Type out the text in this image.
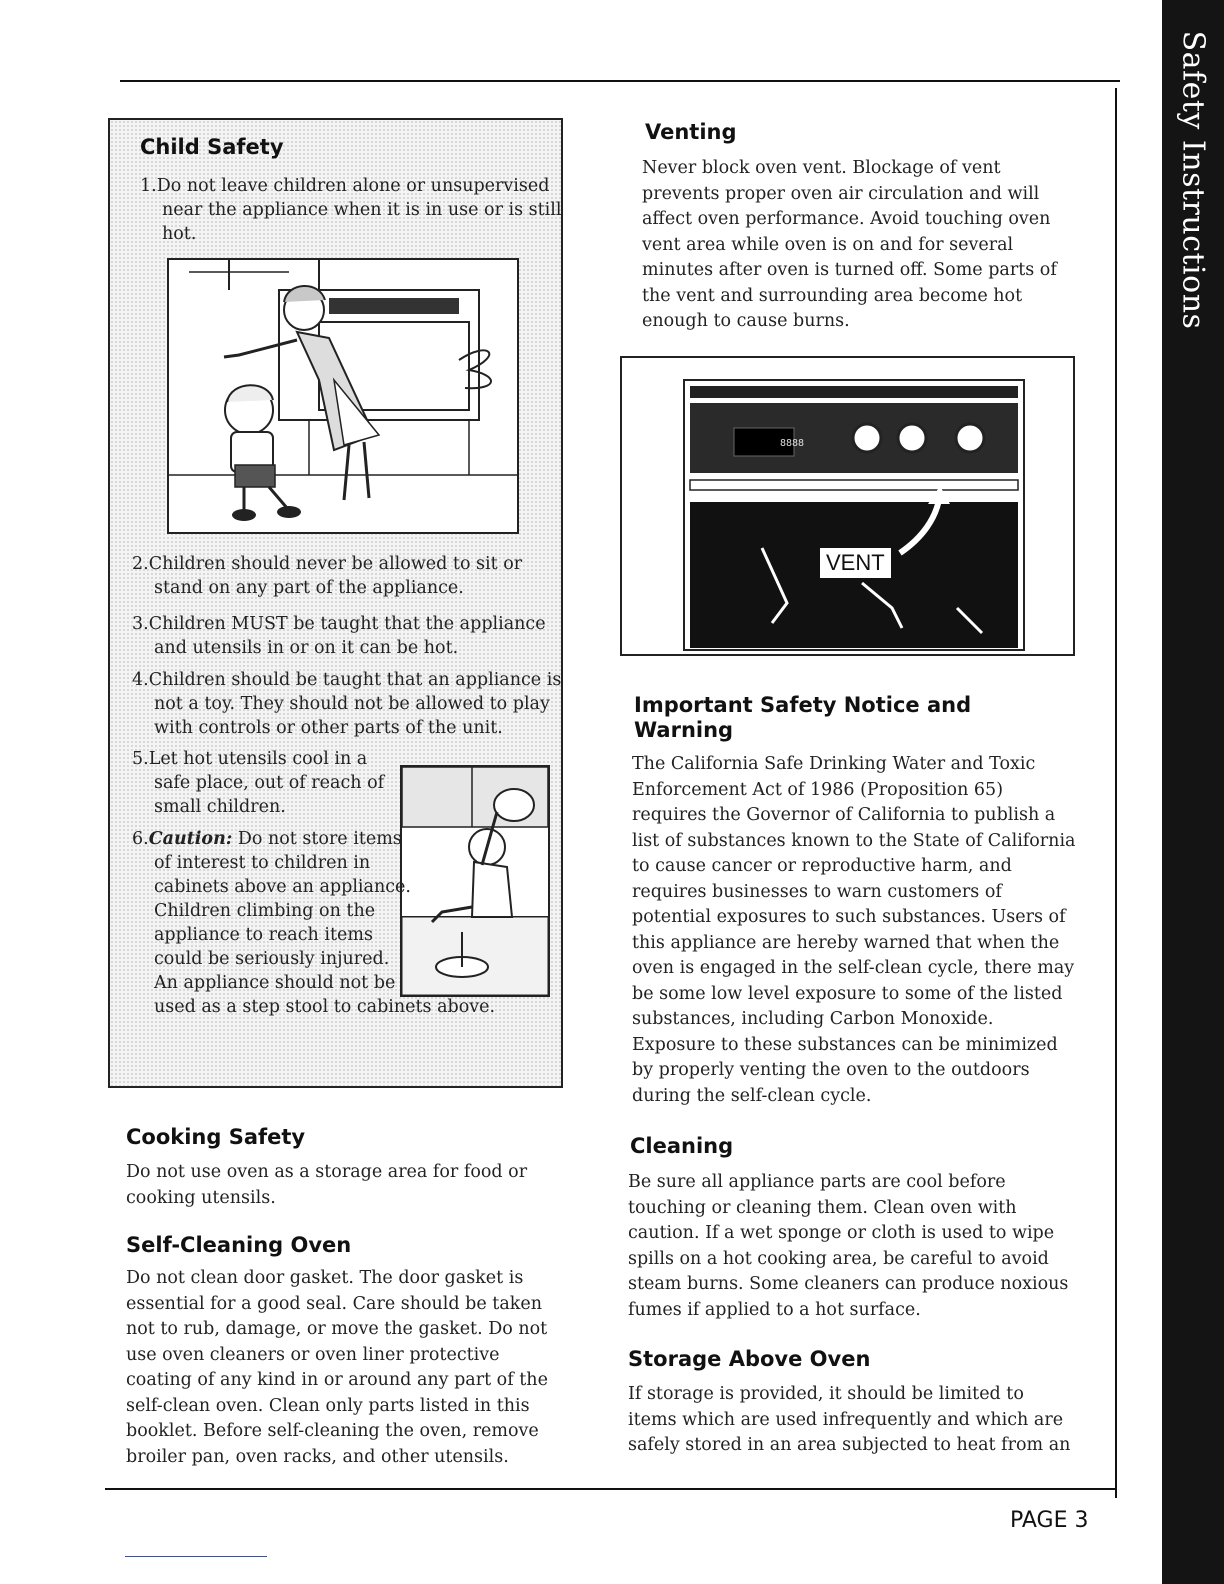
Safety Instructions
Child Safety
1.Do not leave children alone or unsupervised near the appliance when it is in use or is still hot.
2.Children should never be allowed to sit or stand on any part of the appliance.
3.Children MUST be taught that the appliance and utensils in or on it can be hot.
4.Children should be taught that an appliance is not a toy. They should not be allowed to play with controls or other parts of the unit.
5.Let hot utensils cool in a safe place, out of reach of small children.
6.Caution: Do not store items of interest to children in cabinets above an appliance. Children climbing on the appliance to reach items could be seriously injured. An appliance should not be used as a step stool to cabinets above.
Venting

Never block oven vent. Blockage of vent prevents proper oven air circulation and will affect oven performance. Avoid touching oven vent area while oven is on and for several minutes after oven is turned off. Some parts of the vent and surrounding area become hot enough to cause burns.

8888
VENT
Important Safety Notice and Warning

The California Safe Drinking Water and Toxic Enforcement Act of 1986 (Proposition 65) requires the Governor of California to publish a list of substances known to the State of California to cause cancer or reproductive harm, and requires businesses to warn customers of potential exposures to such substances. Users of this appliance are hereby warned that when the oven is engaged in the self-clean cycle, there may be some low level exposure to some of the listed substances, including Carbon Monoxide. Exposure to these substances can be minimized by properly venting the oven to the outdoors during the self-clean cycle.

Cooking Safety

Do not use oven as a storage area for food or cooking utensils.

Self-Cleaning Oven

Do not clean door gasket. The door gasket is essential for a good seal. Care should be taken not to rub, damage, or move the gasket. Do not use oven cleaners or oven liner protective coating of any kind in or around any part of the self-clean oven. Clean only parts listed in this booklet. Before self-cleaning the oven, remove broiler pan, oven racks, and other utensils.

Cleaning

Be sure all appliance parts are cool before touching or cleaning them. Clean oven with caution. If a wet sponge or cloth is used to wipe spills on a hot cooking area, be careful to avoid steam burns. Some cleaners can produce noxious fumes if applied to a hot surface.

Storage Above Oven

If storage is provided, it should be limited to items which are used infrequently and which are safely stored in an area subjected to heat from an

PAGE 3
